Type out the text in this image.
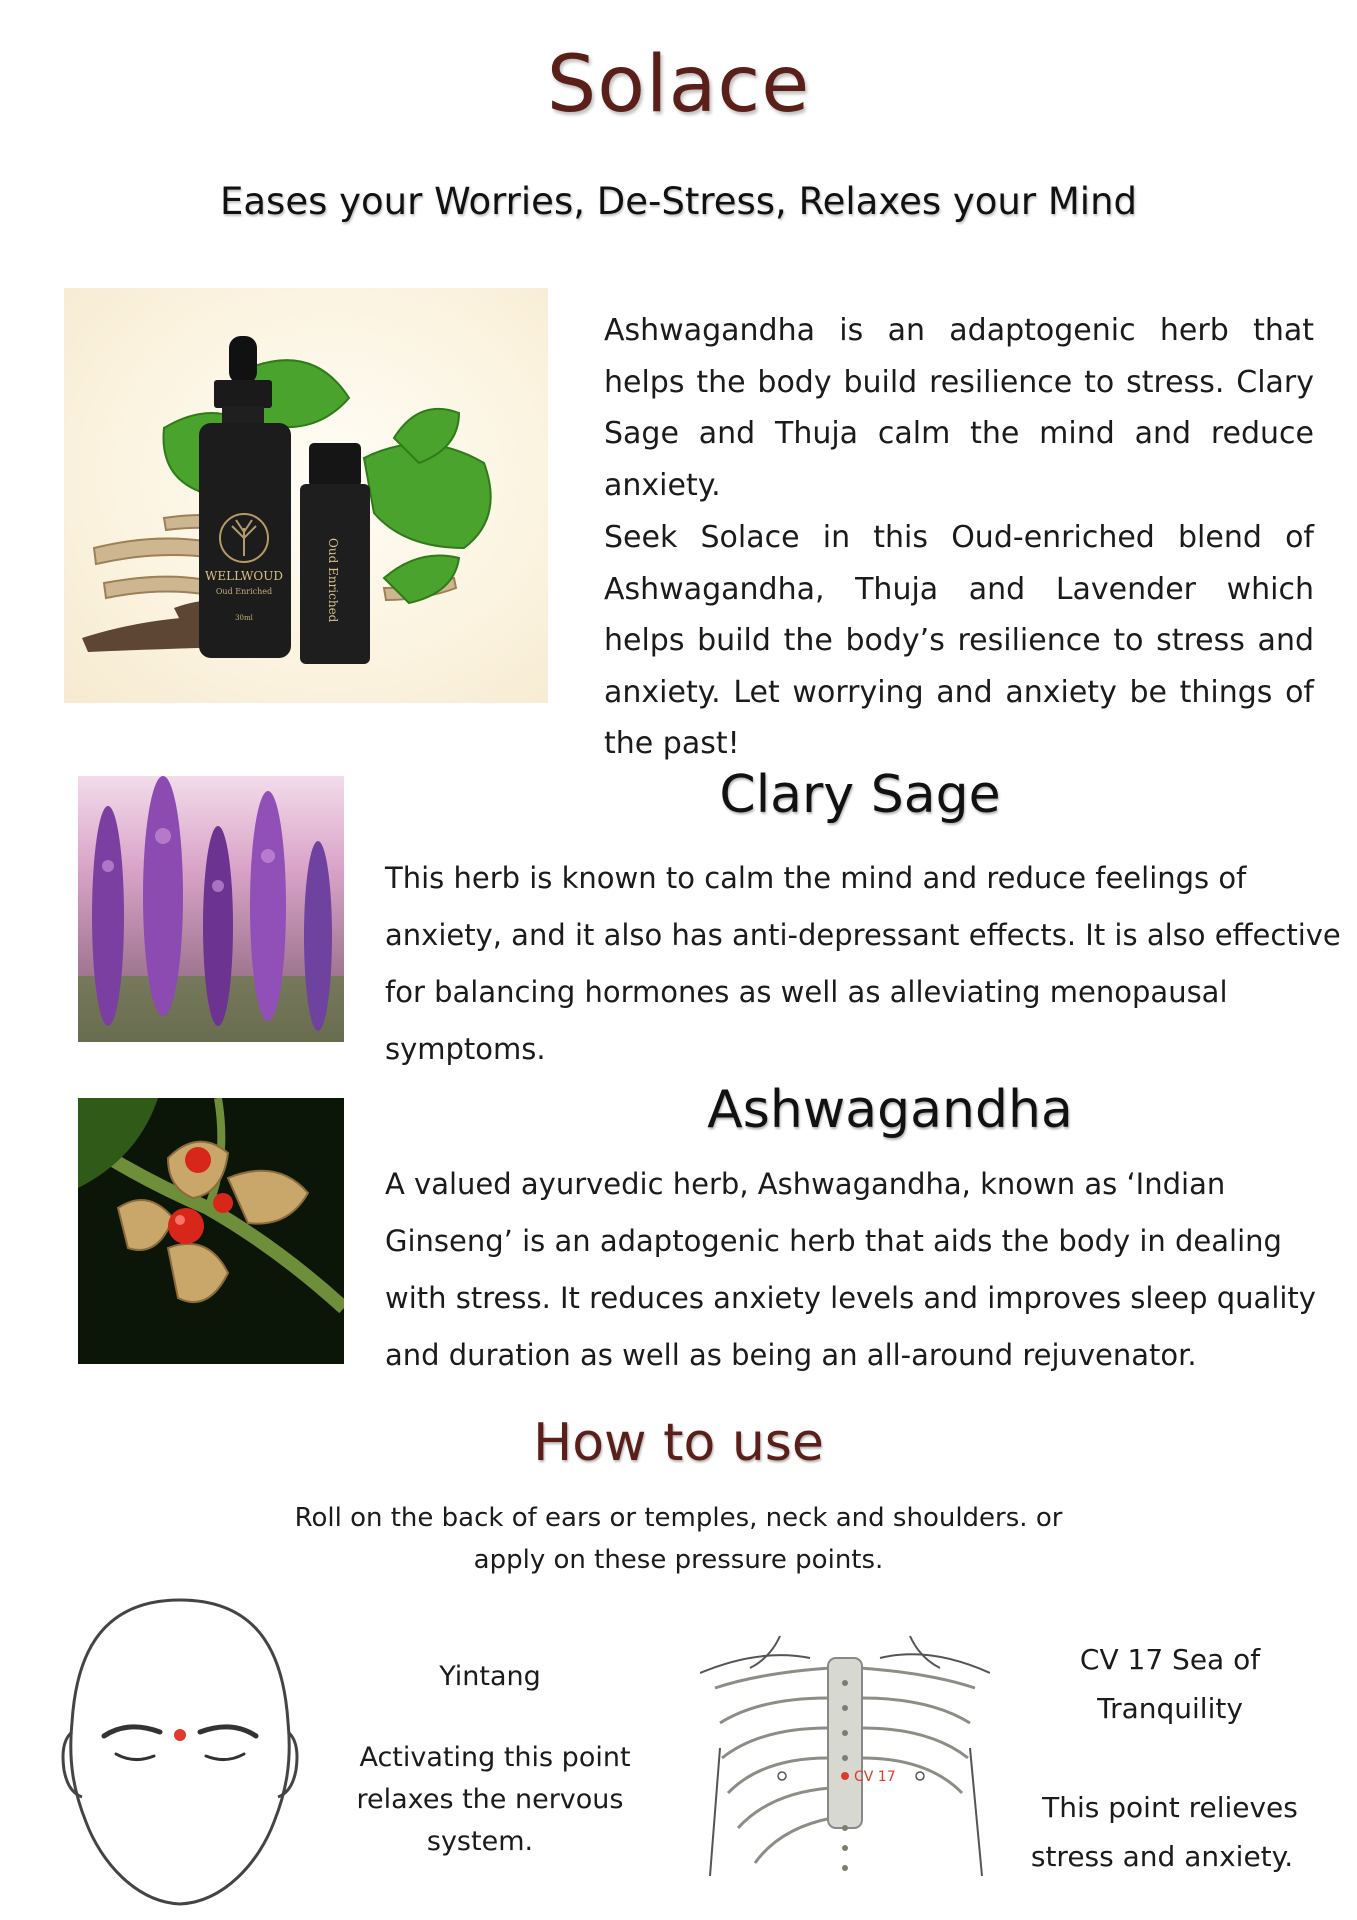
Solace
Eases your Worries, De-Stress, Relaxes your Mind
WELLWOUD
Oud Enriched
30ml	Oud Enriched
Ashwagandha is an adaptogenic herb that helps the body build resilience to stress. Clary Sage and Thuja calm the mind and reduce anxiety.
Seek Solace in this Oud-enriched blend of Ashwagandha, Thuja and Lavender which helps build the body’s resilience to stress and anxiety. Let worrying and anxiety be things of the past!
Clary Sage
This herb is known to calm the mind and reduce feelings of anxiety, and it also has anti-depressant effects. It is also effective for balancing hormones as well as alleviating menopausal symptoms.
Ashwagandha
A valued ayurvedic herb, Ashwagandha, known as ‘Indian Ginseng’ is an adaptogenic herb that aids the body in dealing with stress. It reduces anxiety levels and improves sleep quality and duration as well as being an all-around rejuvenator.
How to use
Roll on the back of ears or temples, neck and shoulders. or
apply on these pressure points.
Yintang
Activating this point
relaxes the nervous
system.
CV 17
CV 17 Sea of
Tranquility
This point relieves
stress and anxiety.
